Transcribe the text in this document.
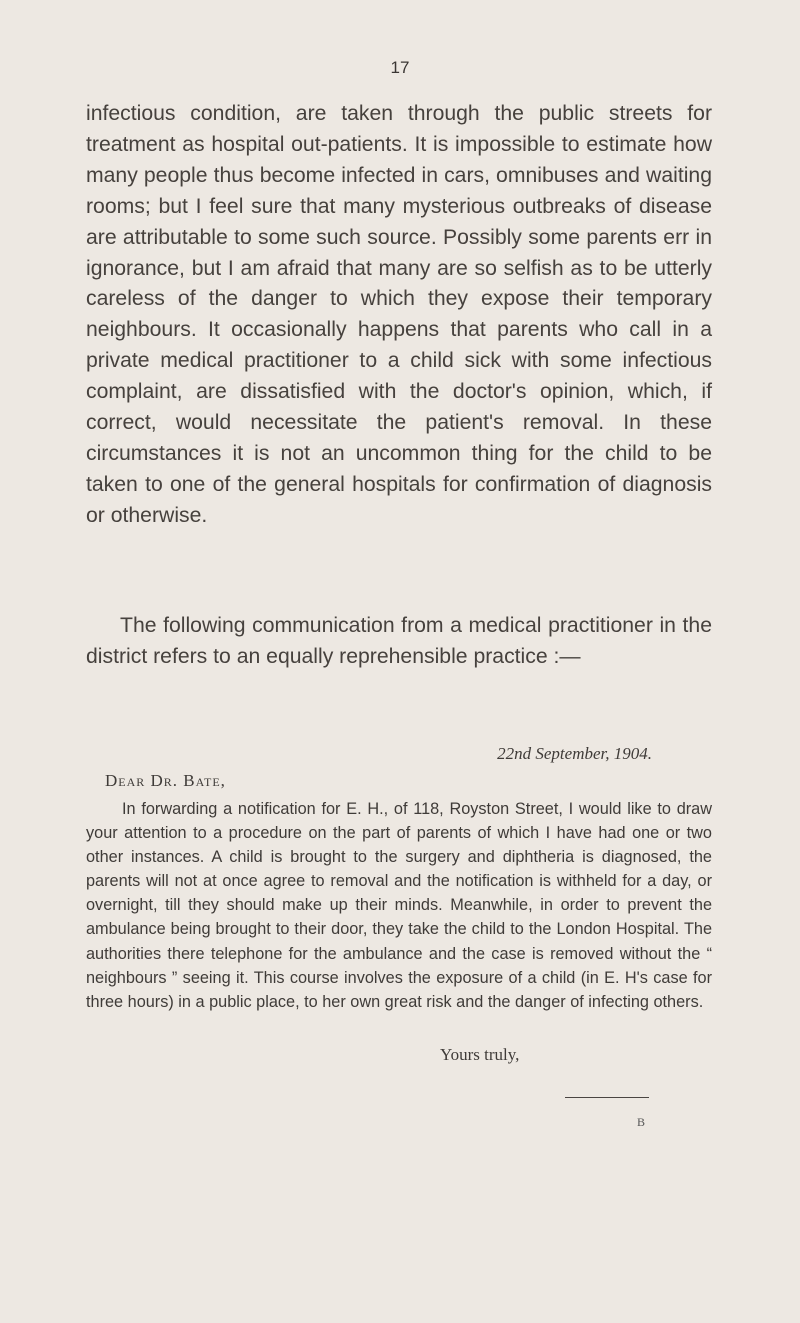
17

infectious condition, are taken through the public streets for treatment as hospital out-patients. It is impossible to estimate how many people thus become infected in cars, omnibuses and waiting rooms; but I feel sure that many mysterious outbreaks of disease are attributable to some such source. Possibly some parents err in ignorance, but I am afraid that many are so selfish as to be utterly careless of the danger to which they expose their temporary neighbours. It occasionally happens that parents who call in a private medical practitioner to a child sick with some infectious complaint, are dissatisfied with the doctor's opinion, which, if correct, would necessitate the patient's removal. In these circumstances it is not an uncommon thing for the child to be taken to one of the general hospitals for confirmation of diagnosis or otherwise.

The following communication from a medical practitioner in the district refers to an equally reprehensible practice :—

22nd September, 1904.
Dear Dr. Bate,

In forwarding a notification for E. H., of 118, Royston Street, I would like to draw your attention to a procedure on the part of parents of which I have had one or two other instances. A child is brought to the surgery and diphtheria is diagnosed, the parents will not at once agree to removal and the notification is withheld for a day, or overnight, till they should make up their minds. Meanwhile, in order to prevent the ambulance being brought to their door, they take the child to the London Hospital. The authorities there telephone for the ambulance and the case is removed without the “ neighbours ” seeing it. This course involves the exposure of a child (in E. H's case for three hours) in a public place, to her own great risk and the danger of infecting others.

Yours truly,
B
